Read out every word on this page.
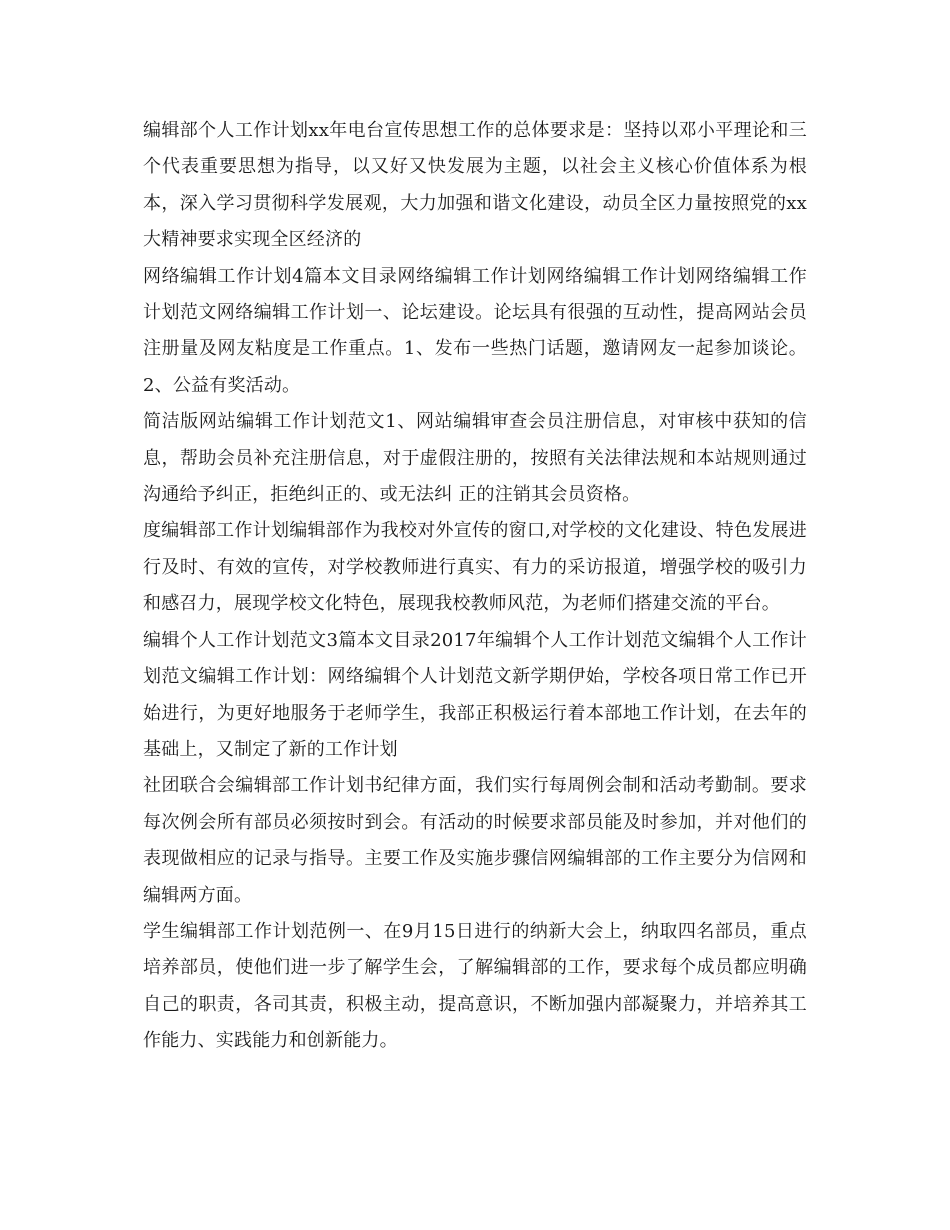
编辑部个人工作计划xx年电台宣传思想工作的总体要求是：坚持以邓小平理论和三个代表重要思想为指导，以又好又快发展为主题，以社会主义核心价值体系为根本，深入学习贯彻科学发展观，大力加强和谐文化建设，动员全区力量按照党的xx大精神要求实现全区经济的

网络编辑工作计划4篇本文目录网络编辑工作计划网络编辑工作计划网络编辑工作计划范文网络编辑工作计划一、论坛建设。论坛具有很强的互动性，提高网站会员注册量及网友粘度是工作重点。1、发布一些热门话题，邀请网友一起参加谈论。2、公益有奖活动。

简洁版网站编辑工作计划范文1、网站编辑审查会员注册信息，对审核中获知的信息，帮助会员补充注册信息，对于虚假注册的，按照有关法律法规和本站规则通过沟通给予纠正，拒绝纠正的、或无法纠 正的注销其会员资格。

度编辑部工作计划编辑部作为我校对外宣传的窗口,对学校的文化建设、特色发展进行及时、有效的宣传，对学校教师进行真实、有力的采访报道，增强学校的吸引力和感召力，展现学校文化特色，展现我校教师风范，为老师们搭建交流的平台。

编辑个人工作计划范文3篇本文目录2017年编辑个人工作计划范文编辑个人工作计划范文编辑工作计划：网络编辑个人计划范文新学期伊始，学校各项日常工作已开始进行，为更好地服务于老师学生，我部正积极运行着本部地工作计划，在去年的基础上，又制定了新的工作计划

社团联合会编辑部工作计划书纪律方面，我们实行每周例会制和活动考勤制。要求每次例会所有部员必须按时到会。有活动的时候要求部员能及时参加，并对他们的表现做相应的记录与指导。主要工作及实施步骤信网编辑部的工作主要分为信网和编辑两方面。

学生编辑部工作计划范例一、在9月15日进行的纳新大会上，纳取四名部员，重点培养部员，使他们进一步了解学生会，了解编辑部的工作，要求每个成员都应明确自己的职责，各司其责，积极主动，提高意识，不断加强内部凝聚力，并培养其工作能力、实践能力和创新能力。
